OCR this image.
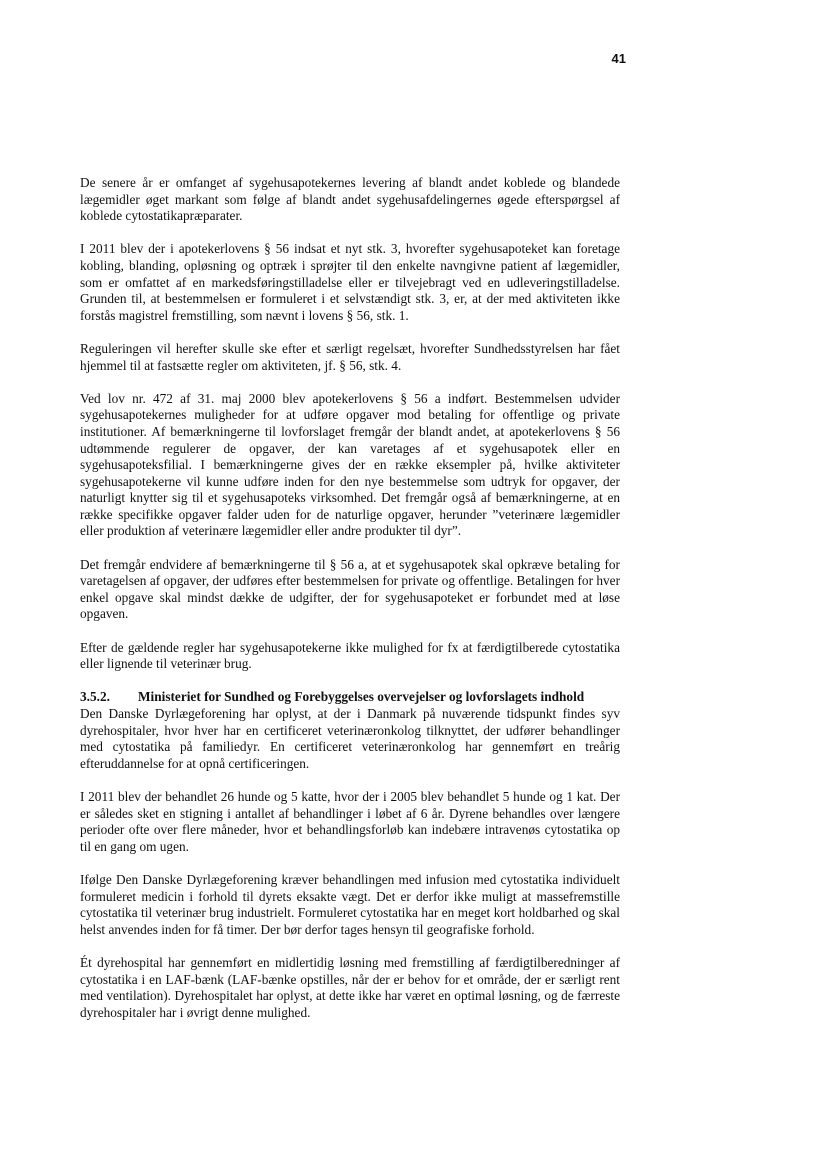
41

De senere år er omfanget af sygehusapotekernes levering af blandt andet koblede og blandede lægemidler øget markant som følge af blandt andet sygehusafdelingernes øgede efterspørgsel af koblede cytostatikapræparater.

I 2011 blev der i apotekerlovens § 56 indsat et nyt stk. 3, hvorefter sygehusapoteket kan foretage kobling, blanding, opløsning og optræk i sprøjter til den enkelte navngivne patient af lægemidler, som er omfattet af en markedsføringstilladelse eller er tilvejebragt ved en udleveringstilladelse. Grunden til, at bestemmelsen er formuleret i et selvstændigt stk. 3, er, at der med aktiviteten ikke forstås magistrel fremstilling, som nævnt i lovens § 56, stk. 1.

Reguleringen vil herefter skulle ske efter et særligt regelsæt, hvorefter Sundhedsstyrelsen har fået hjemmel til at fastsætte regler om aktiviteten, jf. § 56, stk. 4.

Ved lov nr. 472 af 31. maj 2000 blev apotekerlovens § 56 a indført. Bestemmelsen udvider sygehusapotekernes muligheder for at udføre opgaver mod betaling for offentlige og private institutioner. Af bemærkningerne til lovforslaget fremgår der blandt andet, at apotekerlovens § 56 udtømmende regulerer de opgaver, der kan varetages af et sygehusapotek eller en sygehusapoteksfilial. I bemærkningerne gives der en række eksempler på, hvilke aktiviteter sygehusapotekerne vil kunne udføre inden for den nye bestemmelse som udtryk for opgaver, der naturligt knytter sig til et sygehusapoteks virksomhed. Det fremgår også af bemærkningerne, at en række specifikke opgaver falder uden for de naturlige opgaver, herunder ”veterinære lægemidler eller produktion af veterinære lægemidler eller andre produkter til dyr”.

Det fremgår endvidere af bemærkningerne til § 56 a, at et sygehusapotek skal opkræve betaling for varetagelsen af opgaver, der udføres efter bestemmelsen for private og offentlige. Betalingen for hver enkel opgave skal mindst dække de udgifter, der for sygehusapoteket er forbundet med at løse opgaven.

Efter de gældende regler har sygehusapotekerne ikke mulighed for fx at færdigtilberede cytostatika eller lignende til veterinær brug.

3.5.2. Ministeriet for Sundhed og Forebyggelses overvejelser og lovforslagets indhold

Den Danske Dyrlægeforening har oplyst, at der i Danmark på nuværende tidspunkt findes syv dyrehospitaler, hvor hver har en certificeret veterinæronkolog tilknyttet, der udfører behandlinger med cytostatika på familiedyr. En certificeret veterinæronkolog har gennemført en treårig efteruddannelse for at opnå certificeringen.

I 2011 blev der behandlet 26 hunde og 5 katte, hvor der i 2005 blev behandlet 5 hunde og 1 kat. Der er således sket en stigning i antallet af behandlinger i løbet af 6 år. Dyrene behandles over længere perioder ofte over flere måneder, hvor et behandlingsforløb kan indebære intravenøs cytostatika op til en gang om ugen.

Ifølge Den Danske Dyrlægeforening kræver behandlingen med infusion med cytostatika individuelt formuleret medicin i forhold til dyrets eksakte vægt. Det er derfor ikke muligt at massefremstille cytostatika til veterinær brug industrielt. Formuleret cytostatika har en meget kort holdbarhed og skal helst anvendes inden for få timer. Der bør derfor tages hensyn til geografiske forhold.

Ét dyrehospital har gennemført en midlertidig løsning med fremstilling af færdigtilberedninger af cytostatika i en LAF-bænk (LAF-bænke opstilles, når der er behov for et område, der er særligt rent med ventilation). Dyrehospitalet har oplyst, at dette ikke har været en optimal løsning, og de færreste dyrehospitaler har i øvrigt denne mulighed.
